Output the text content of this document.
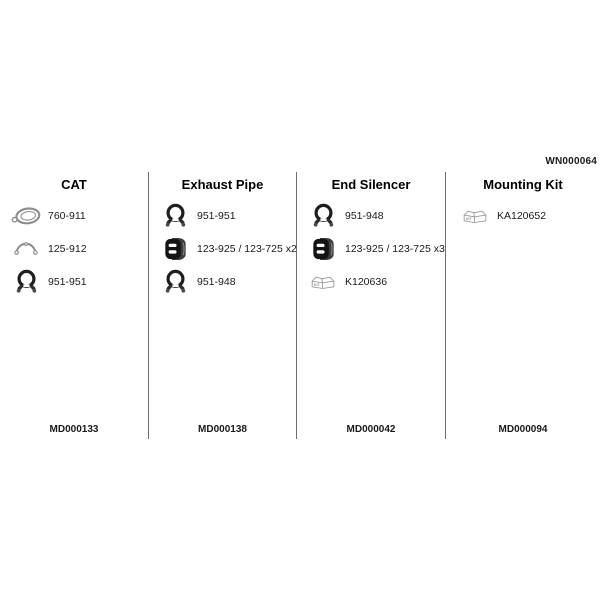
WN000064
CAT
760-911
125-912
951-951
MD000133
Exhaust Pipe
951-951
123-925 / 123-725 x2
951-948
MD000138
End Silencer
951-948
123-925 / 123-725 x3
KIT K120636
MD000042
Mounting Kit
KIT KA120652
MD000094
